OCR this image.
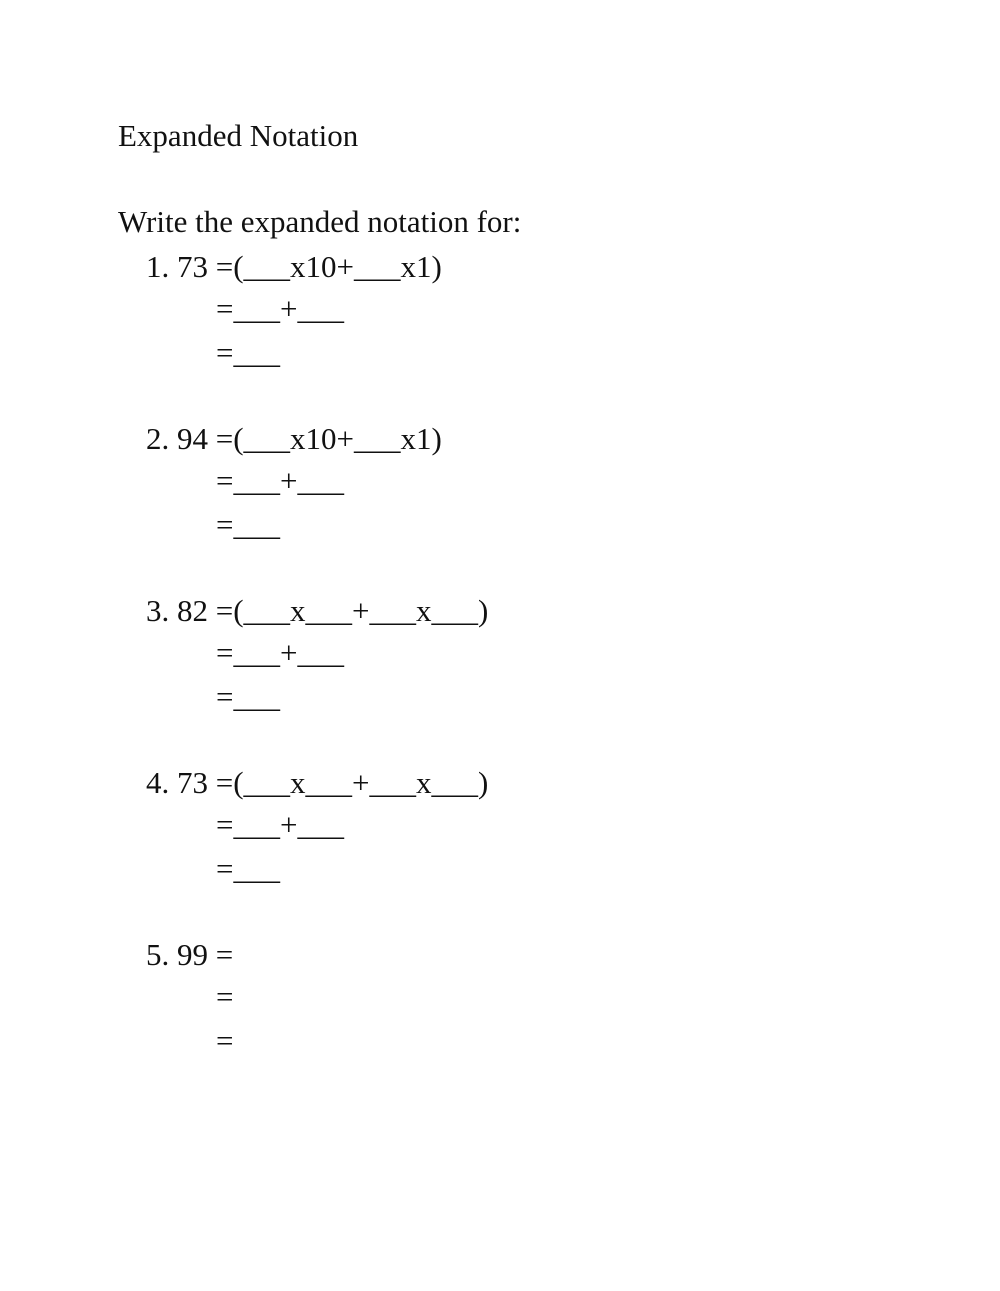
Expanded Notation
Write the expanded notation for:
1. 73 =(___x10+___x1)
=___+___
=___
2. 94 =(___x10+___x1)
=___+___
=___
3. 82 =(___x___+___x___)
=___+___
=___
4. 73 =(___x___+___x___)
=___+___
=___
5. 99 =
=
=
